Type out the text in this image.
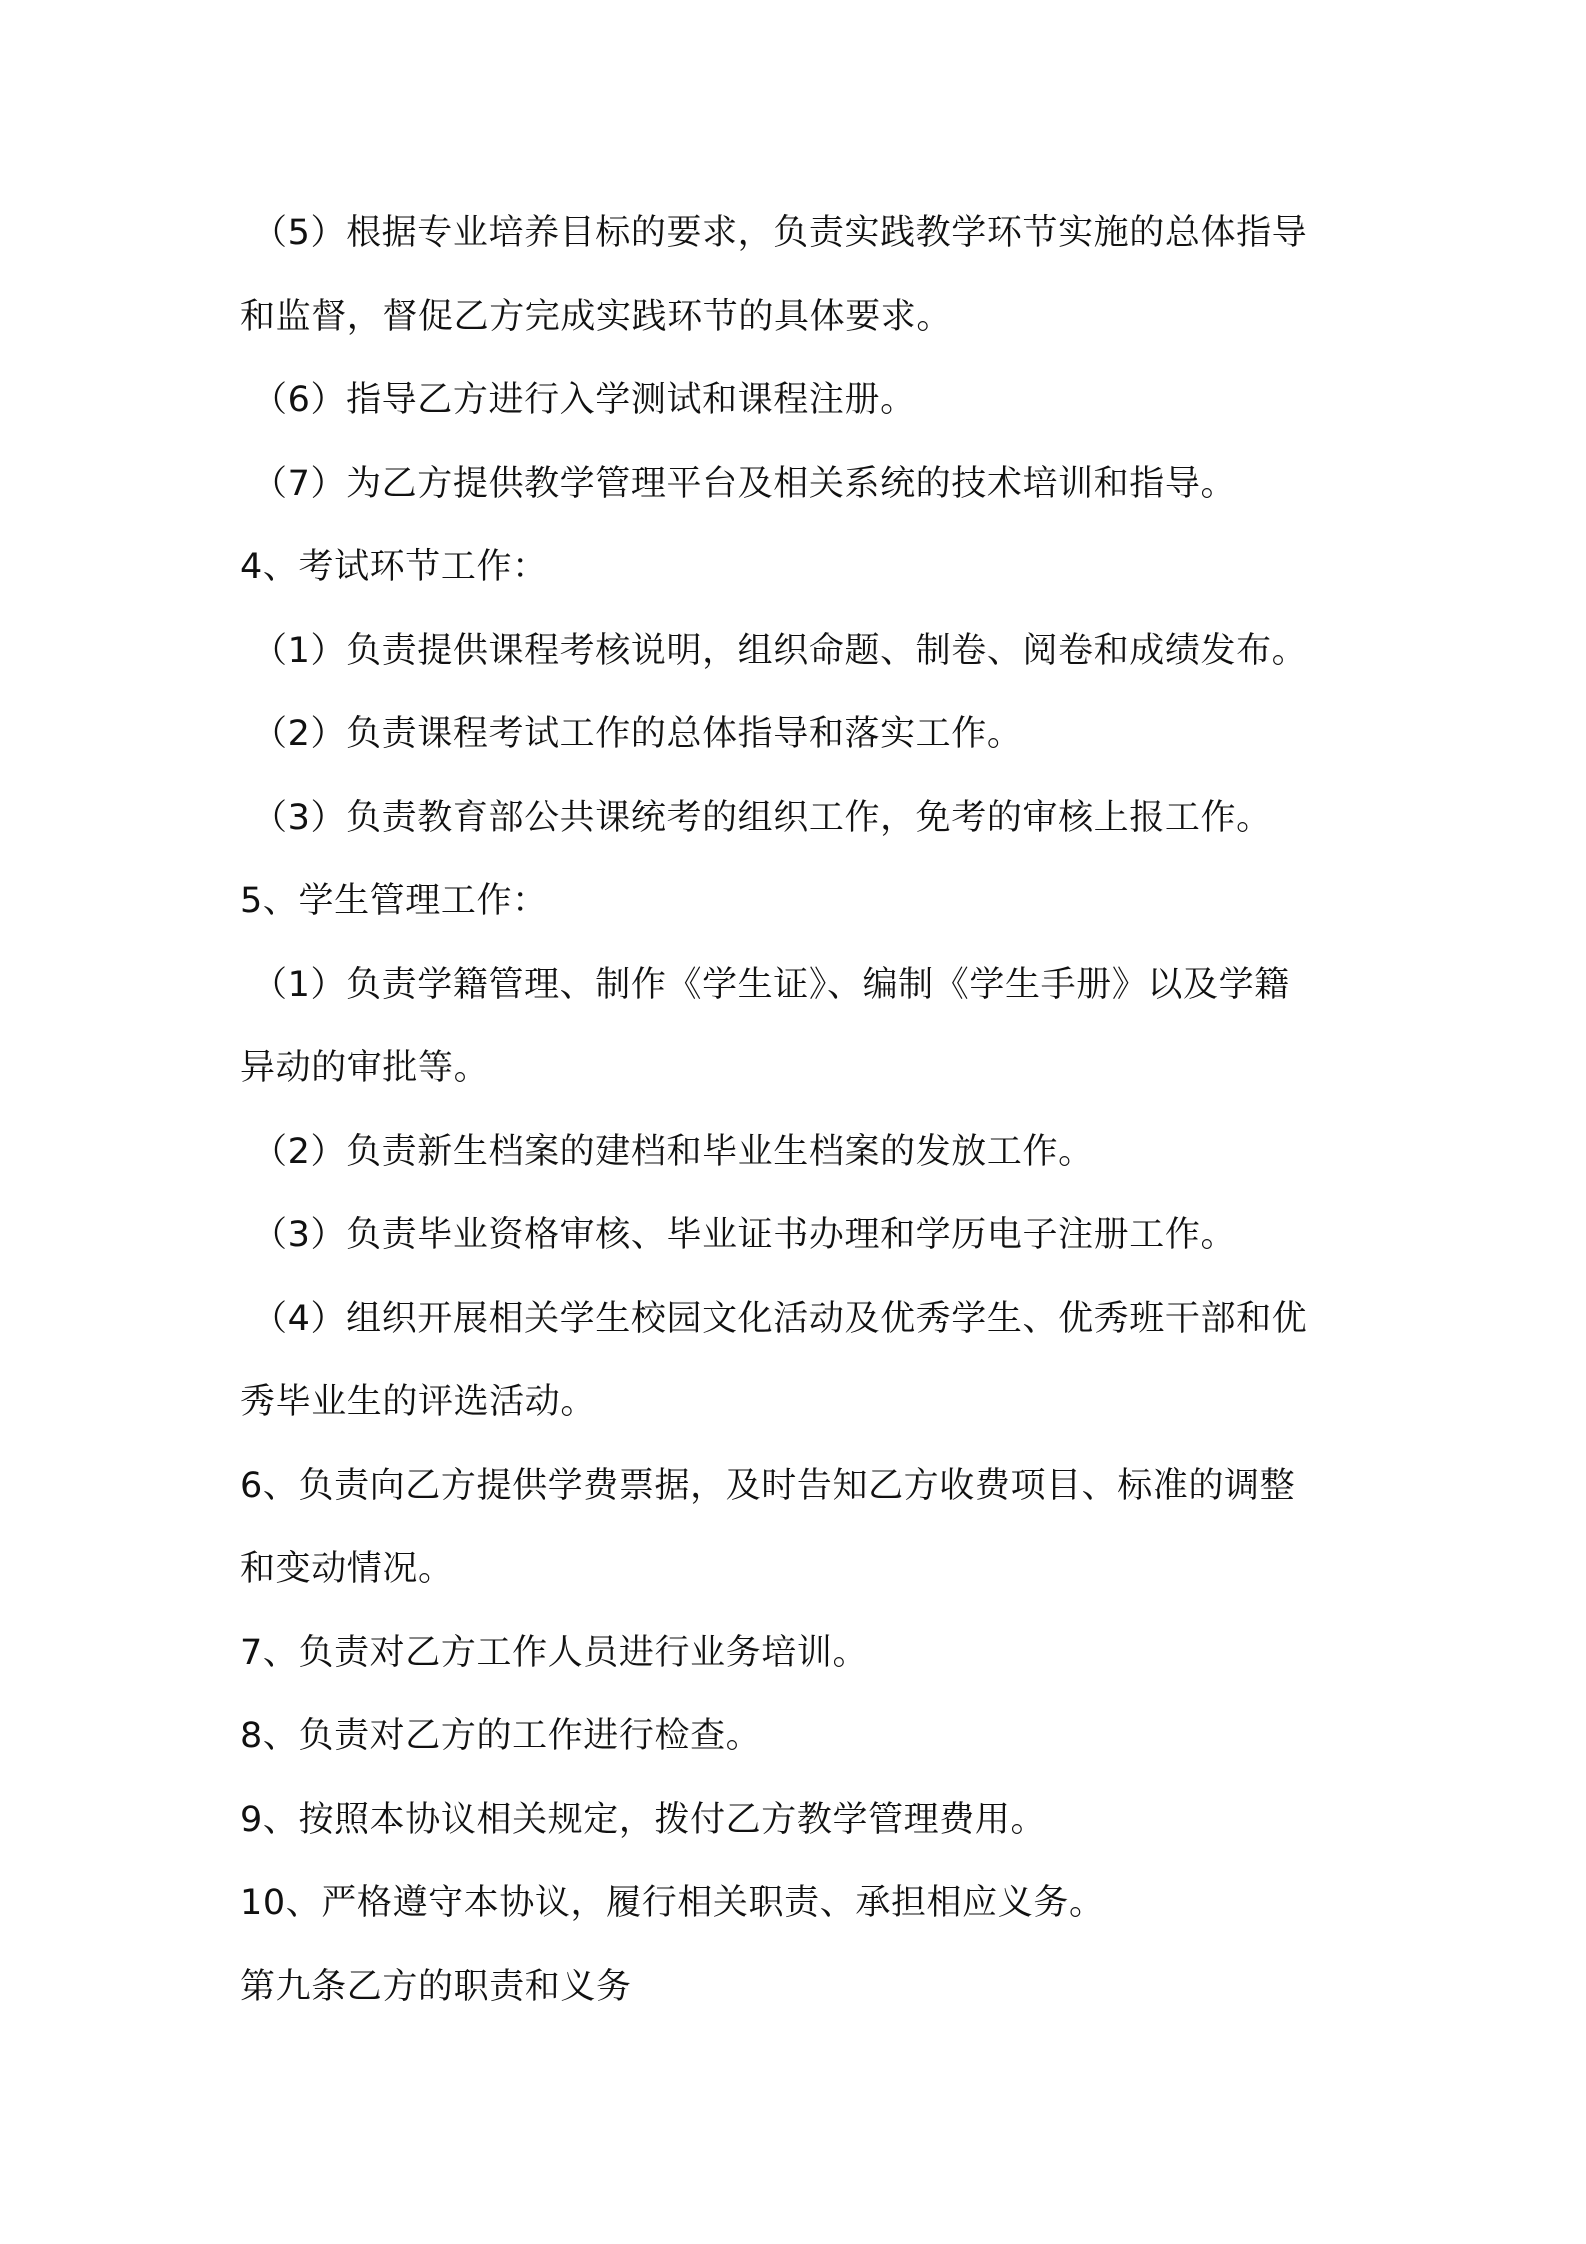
（5）根据专业培养目标的要求，负责实践教学环节实施的总体指导
和监督，督促乙方完成实践环节的具体要求。
（6）指导乙方进行入学测试和课程注册。
（7）为乙方提供教学管理平台及相关系统的技术培训和指导。
4、考试环节工作：
（1）负责提供课程考核说明，组织命题、制卷、阅卷和成绩发布。
（2）负责课程考试工作的总体指导和落实工作。
（3）负责教育部公共课统考的组织工作，免考的审核上报工作。
5、学生管理工作：
（1）负责学籍管理、制作《学生证》、编制《学生手册》以及学籍
异动的审批等。
（2）负责新生档案的建档和毕业生档案的发放工作。
（3）负责毕业资格审核、毕业证书办理和学历电子注册工作。
（4）组织开展相关学生校园文化活动及优秀学生、优秀班干部和优
秀毕业生的评选活动。
6、负责向乙方提供学费票据，及时告知乙方收费项目、标准的调整
和变动情况。
7、负责对乙方工作人员进行业务培训。
8、负责对乙方的工作进行检查。
9、按照本协议相关规定，拨付乙方教学管理费用。
10、严格遵守本协议，履行相关职责、承担相应义务。
第九条乙方的职责和义务
